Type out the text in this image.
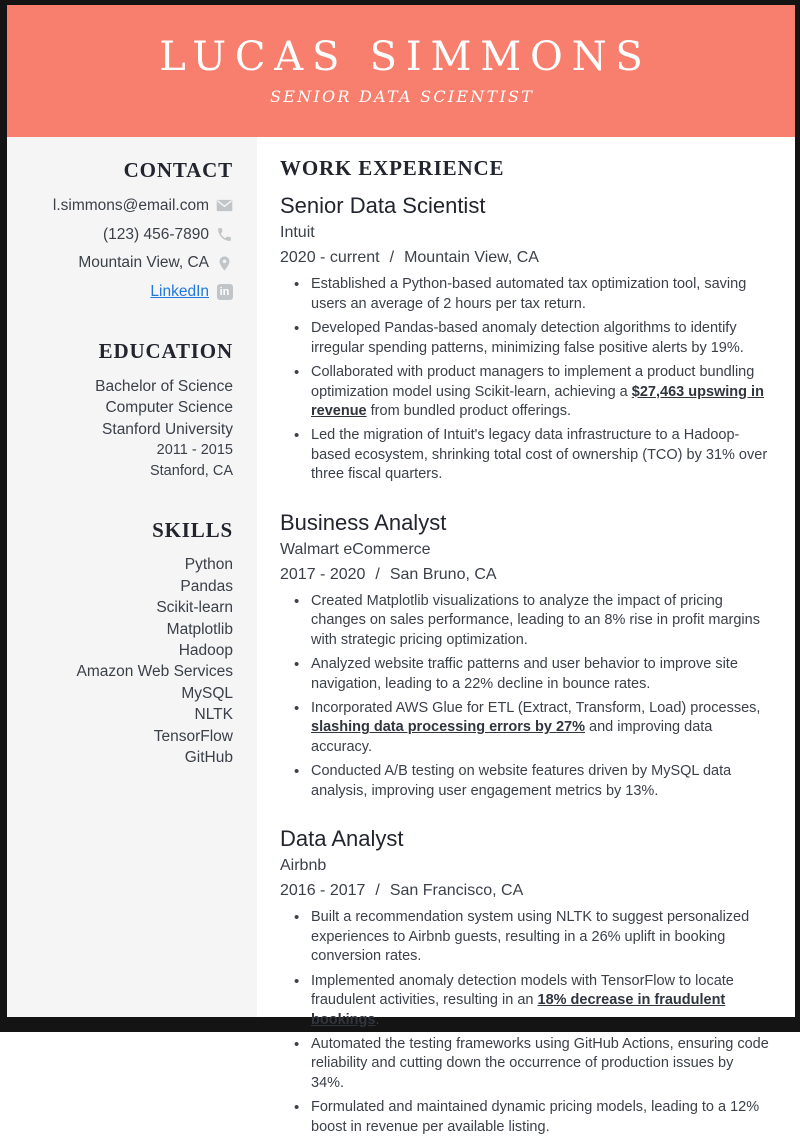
LUCAS SIMMONS
SENIOR DATA SCIENTIST
CONTACT
l.simmons@email.com
(123) 456-7890
Mountain View, CA
LinkedIn in
EDUCATION
Bachelor of Science
Computer Science
Stanford University
2011 - 2015
Stanford, CA
SKILLS
Python
Pandas
Scikit-learn
Matplotlib
Hadoop
Amazon Web Services
MySQL
NLTK
TensorFlow
GitHub
WORK EXPERIENCE
Senior Data Scientist
Intuit
2020 - current / Mountain View, CA
• Established a Python-based automated tax optimization tool, saving users an average of 2 hours per tax return.
• Developed Pandas-based anomaly detection algorithms to identify irregular spending patterns, minimizing false positive alerts by 19%.
• Collaborated with product managers to implement a product bundling optimization model using Scikit-learn, achieving a $27,463 upswing in revenue from bundled product offerings.
• Led the migration of Intuit's legacy data infrastructure to a Hadoop-based ecosystem, shrinking total cost of ownership (TCO) by 31% over three fiscal quarters.
Business Analyst
Walmart eCommerce
2017 - 2020 / San Bruno, CA
• Created Matplotlib visualizations to analyze the impact of pricing changes on sales performance, leading to an 8% rise in profit margins with strategic pricing optimization.
• Analyzed website traffic patterns and user behavior to improve site navigation, leading to a 22% decline in bounce rates.
• Incorporated AWS Glue for ETL (Extract, Transform, Load) processes, slashing data processing errors by 27% and improving data accuracy.
• Conducted A/B testing on website features driven by MySQL data analysis, improving user engagement metrics by 13%.
Data Analyst
Airbnb
2016 - 2017 / San Francisco, CA
• Built a recommendation system using NLTK to suggest personalized experiences to Airbnb guests, resulting in a 26% uplift in booking conversion rates.
• Implemented anomaly detection models with TensorFlow to locate fraudulent activities, resulting in an 18% decrease in fraudulent bookings.
• Automated the testing frameworks using GitHub Actions, ensuring code reliability and cutting down the occurrence of production issues by 34%.
• Formulated and maintained dynamic pricing models, leading to a 12% boost in revenue per available listing.
